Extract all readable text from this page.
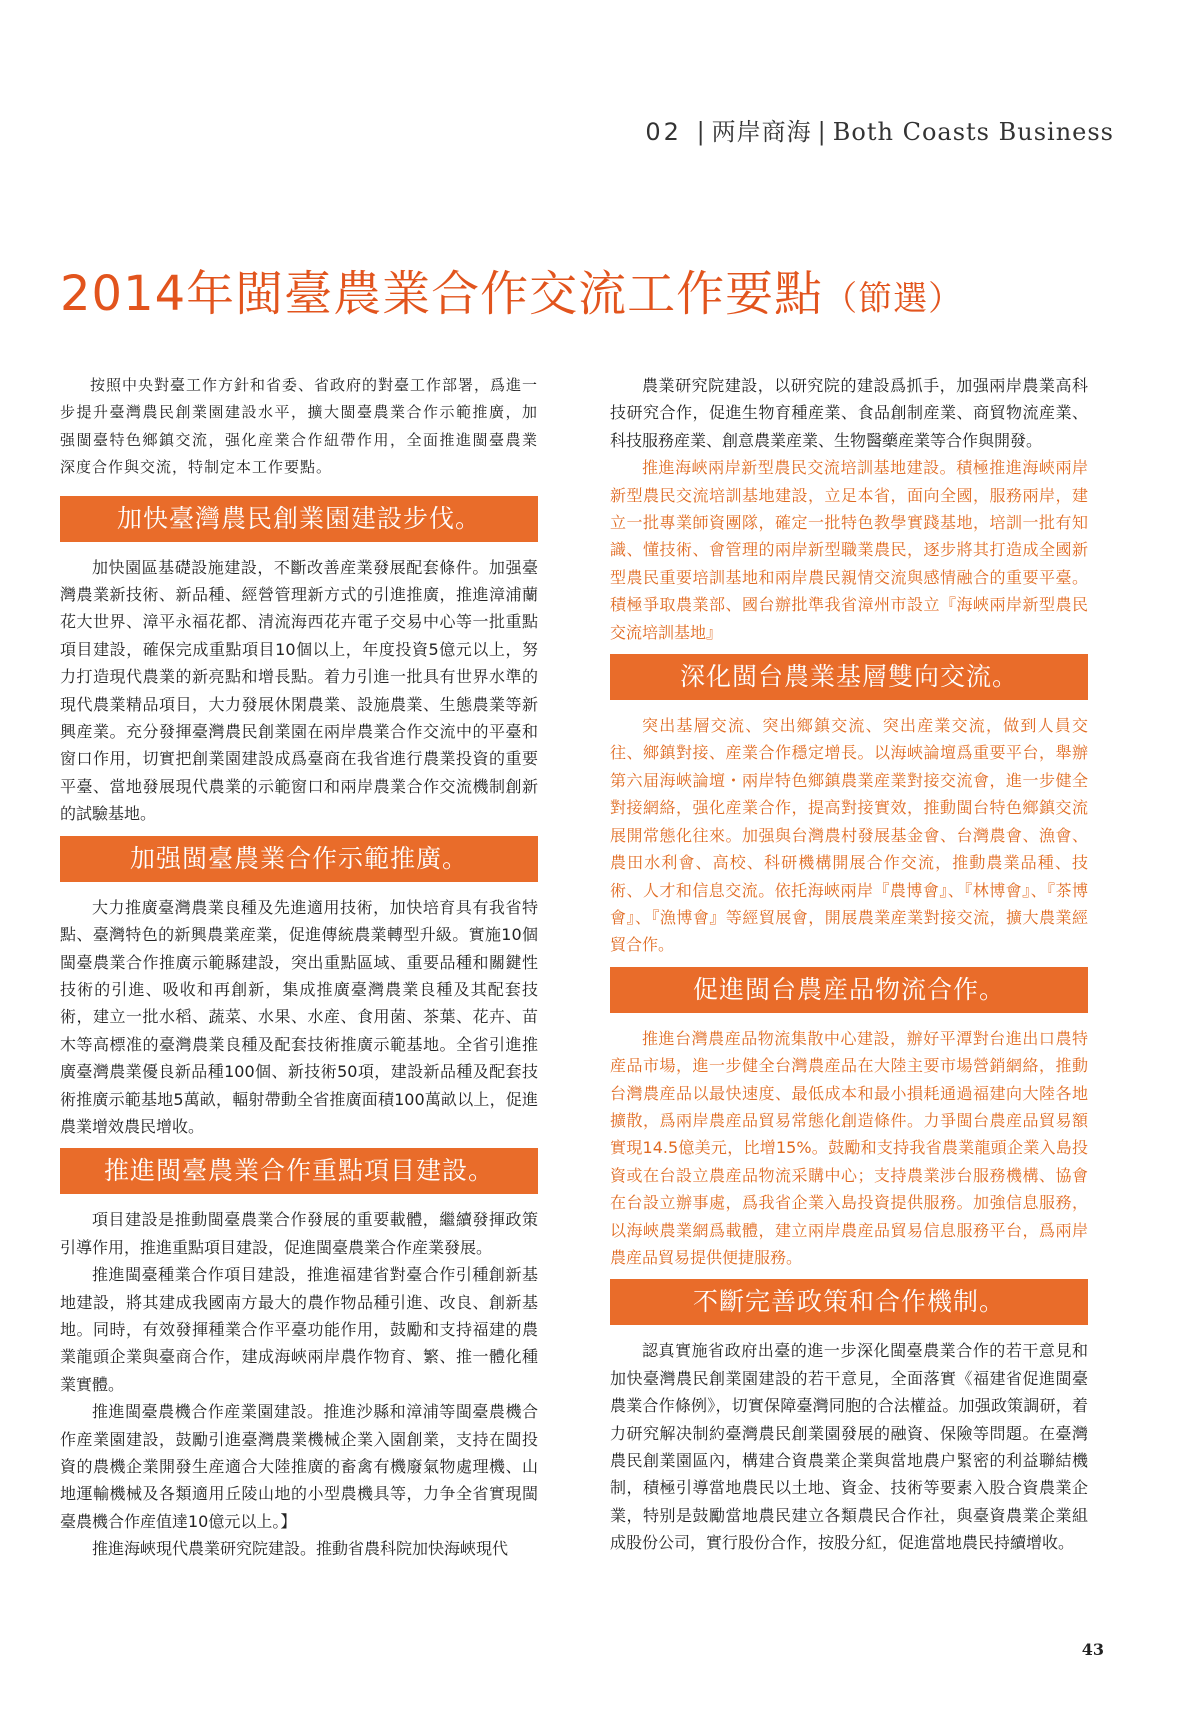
02 | 两岸商海 | Both Coasts Business
2014年閩臺農業合作交流工作要點（節選）

按照中央對臺工作方針和省委、省政府的對臺工作部署，爲進一步提升臺灣農民創業園建設水平，擴大閩臺農業合作示範推廣，加强閩臺特色鄉鎮交流，强化産業合作紐帶作用，全面推進閩臺農業深度合作與交流，特制定本工作要點。

加快臺灣農民創業園建設步伐。

加快園區基礎設施建設，不斷改善産業發展配套條件。加强臺灣農業新技術、新品種、經營管理新方式的引進推廣，推進漳浦蘭花大世界、漳平永福花都、清流海西花卉電子交易中心等一批重點項目建設，確保完成重點項目10個以上，年度投資5億元以上，努力打造現代農業的新亮點和增長點。着力引進一批具有世界水準的現代農業精品項目，大力發展休閑農業、設施農業、生態農業等新興産業。充分發揮臺灣農民創業園在兩岸農業合作交流中的平臺和窗口作用，切實把創業園建設成爲臺商在我省進行農業投資的重要平臺、當地發展現代農業的示範窗口和兩岸農業合作交流機制創新的試驗基地。

加强閩臺農業合作示範推廣。

大力推廣臺灣農業良種及先進適用技術，加快培育具有我省特點、臺灣特色的新興農業産業，促進傳統農業轉型升級。實施10個閩臺農業合作推廣示範縣建設，突出重點區域、重要品種和關鍵性技術的引進、吸收和再創新，集成推廣臺灣農業良種及其配套技術，建立一批水稻、蔬菜、水果、水産、食用菌、茶葉、花卉、苗木等高標准的臺灣農業良種及配套技術推廣示範基地。全省引進推廣臺灣農業優良新品種100個、新技術50項，建設新品種及配套技術推廣示範基地5萬畝，輻射帶動全省推廣面積100萬畝以上，促進農業增效農民增收。

推進閩臺農業合作重點項目建設。

項目建設是推動閩臺農業合作發展的重要載體，繼續發揮政策引導作用，推進重點項目建設，促進閩臺農業合作産業發展。

推進閩臺種業合作項目建設，推進福建省對臺合作引種創新基地建設，將其建成我國南方最大的農作物品種引進、改良、創新基地。同時，有效發揮種業合作平臺功能作用，鼓勵和支持福建的農業龍頭企業與臺商合作，建成海峽兩岸農作物育、繁、推一體化種業實體。

推進閩臺農機合作産業園建設。推進沙縣和漳浦等閩臺農機合作産業園建設，鼓勵引進臺灣農業機械企業入園創業，支持在閩投資的農機企業開發生産適合大陸推廣的畜禽有機廢氣物處理機、山地運輸機械及各類適用丘陵山地的小型農機具等，力争全省實現閩臺農機合作産值達10億元以上。】

推進海峽現代農業研究院建設。推動省農科院加快海峽現代

農業研究院建設，以研究院的建設爲抓手，加强兩岸農業高科技研究合作，促進生物育種産業、食品創制産業、商貿物流産業、科技服務産業、創意農業産業、生物醫藥産業等合作與開發。

推進海峽兩岸新型農民交流培訓基地建設。積極推進海峽兩岸新型農民交流培訓基地建設，立足本省，面向全國，服務兩岸，建立一批專業師資團隊，確定一批特色教學實踐基地，培訓一批有知識、懂技術、會管理的兩岸新型職業農民，逐步將其打造成全國新型農民重要培訓基地和兩岸農民親情交流與感情融合的重要平臺。積極爭取農業部、國台辦批準我省漳州市設立『海峽兩岸新型農民交流培訓基地』

深化閩台農業基層雙向交流。

突出基層交流、突出鄉鎮交流、突出産業交流，做到人員交往、鄉鎮對接、産業合作穩定增長。以海峽論壇爲重要平台，舉辦第六届海峽論壇・兩岸特色鄉鎮農業産業對接交流會，進一步健全對接網絡，强化産業合作，提高對接實效，推動閩台特色鄉鎮交流展開常態化往來。加强與台灣農村發展基金會、台灣農會、漁會、農田水利會、高校、科研機構開展合作交流，推動農業品種、技術、人才和信息交流。依托海峽兩岸『農博會』、『林博會』、『茶博會』、『漁博會』等經貿展會，開展農業産業對接交流，擴大農業經貿合作。

促進閩台農産品物流合作。

推進台灣農産品物流集散中心建設，辦好平潭對台進出口農特産品市場，進一步健全台灣農産品在大陸主要市場營銷網絡，推動台灣農産品以最快速度、最低成本和最小損耗通過福建向大陸各地擴散，爲兩岸農産品貿易常態化創造條件。力爭閩台農産品貿易額實現14.5億美元，比增15%。鼓勵和支持我省農業龍頭企業入島投資或在台設立農産品物流采購中心；支持農業涉台服務機構、協會在台設立辦事處，爲我省企業入島投資提供服務。加強信息服務，以海峽農業網爲載體，建立兩岸農産品貿易信息服務平台，爲兩岸農産品貿易提供便捷服務。

不斷完善政策和合作機制。

認真實施省政府出臺的進一步深化閩臺農業合作的若干意見和加快臺灣農民創業園建設的若干意見，全面落實《福建省促進閩臺農業合作條例》，切實保障臺灣同胞的合法權益。加强政策調研，着力研究解决制約臺灣農民創業園發展的融資、保險等問題。在臺灣農民創業園區內，構建合資農業企業與當地農户緊密的利益聯結機制，積極引導當地農民以土地、資金、技術等要素入股合資農業企業，特别是鼓勵當地農民建立各類農民合作社，與臺資農業企業組成股份公司，實行股份合作，按股分紅，促進當地農民持續增收。

43
